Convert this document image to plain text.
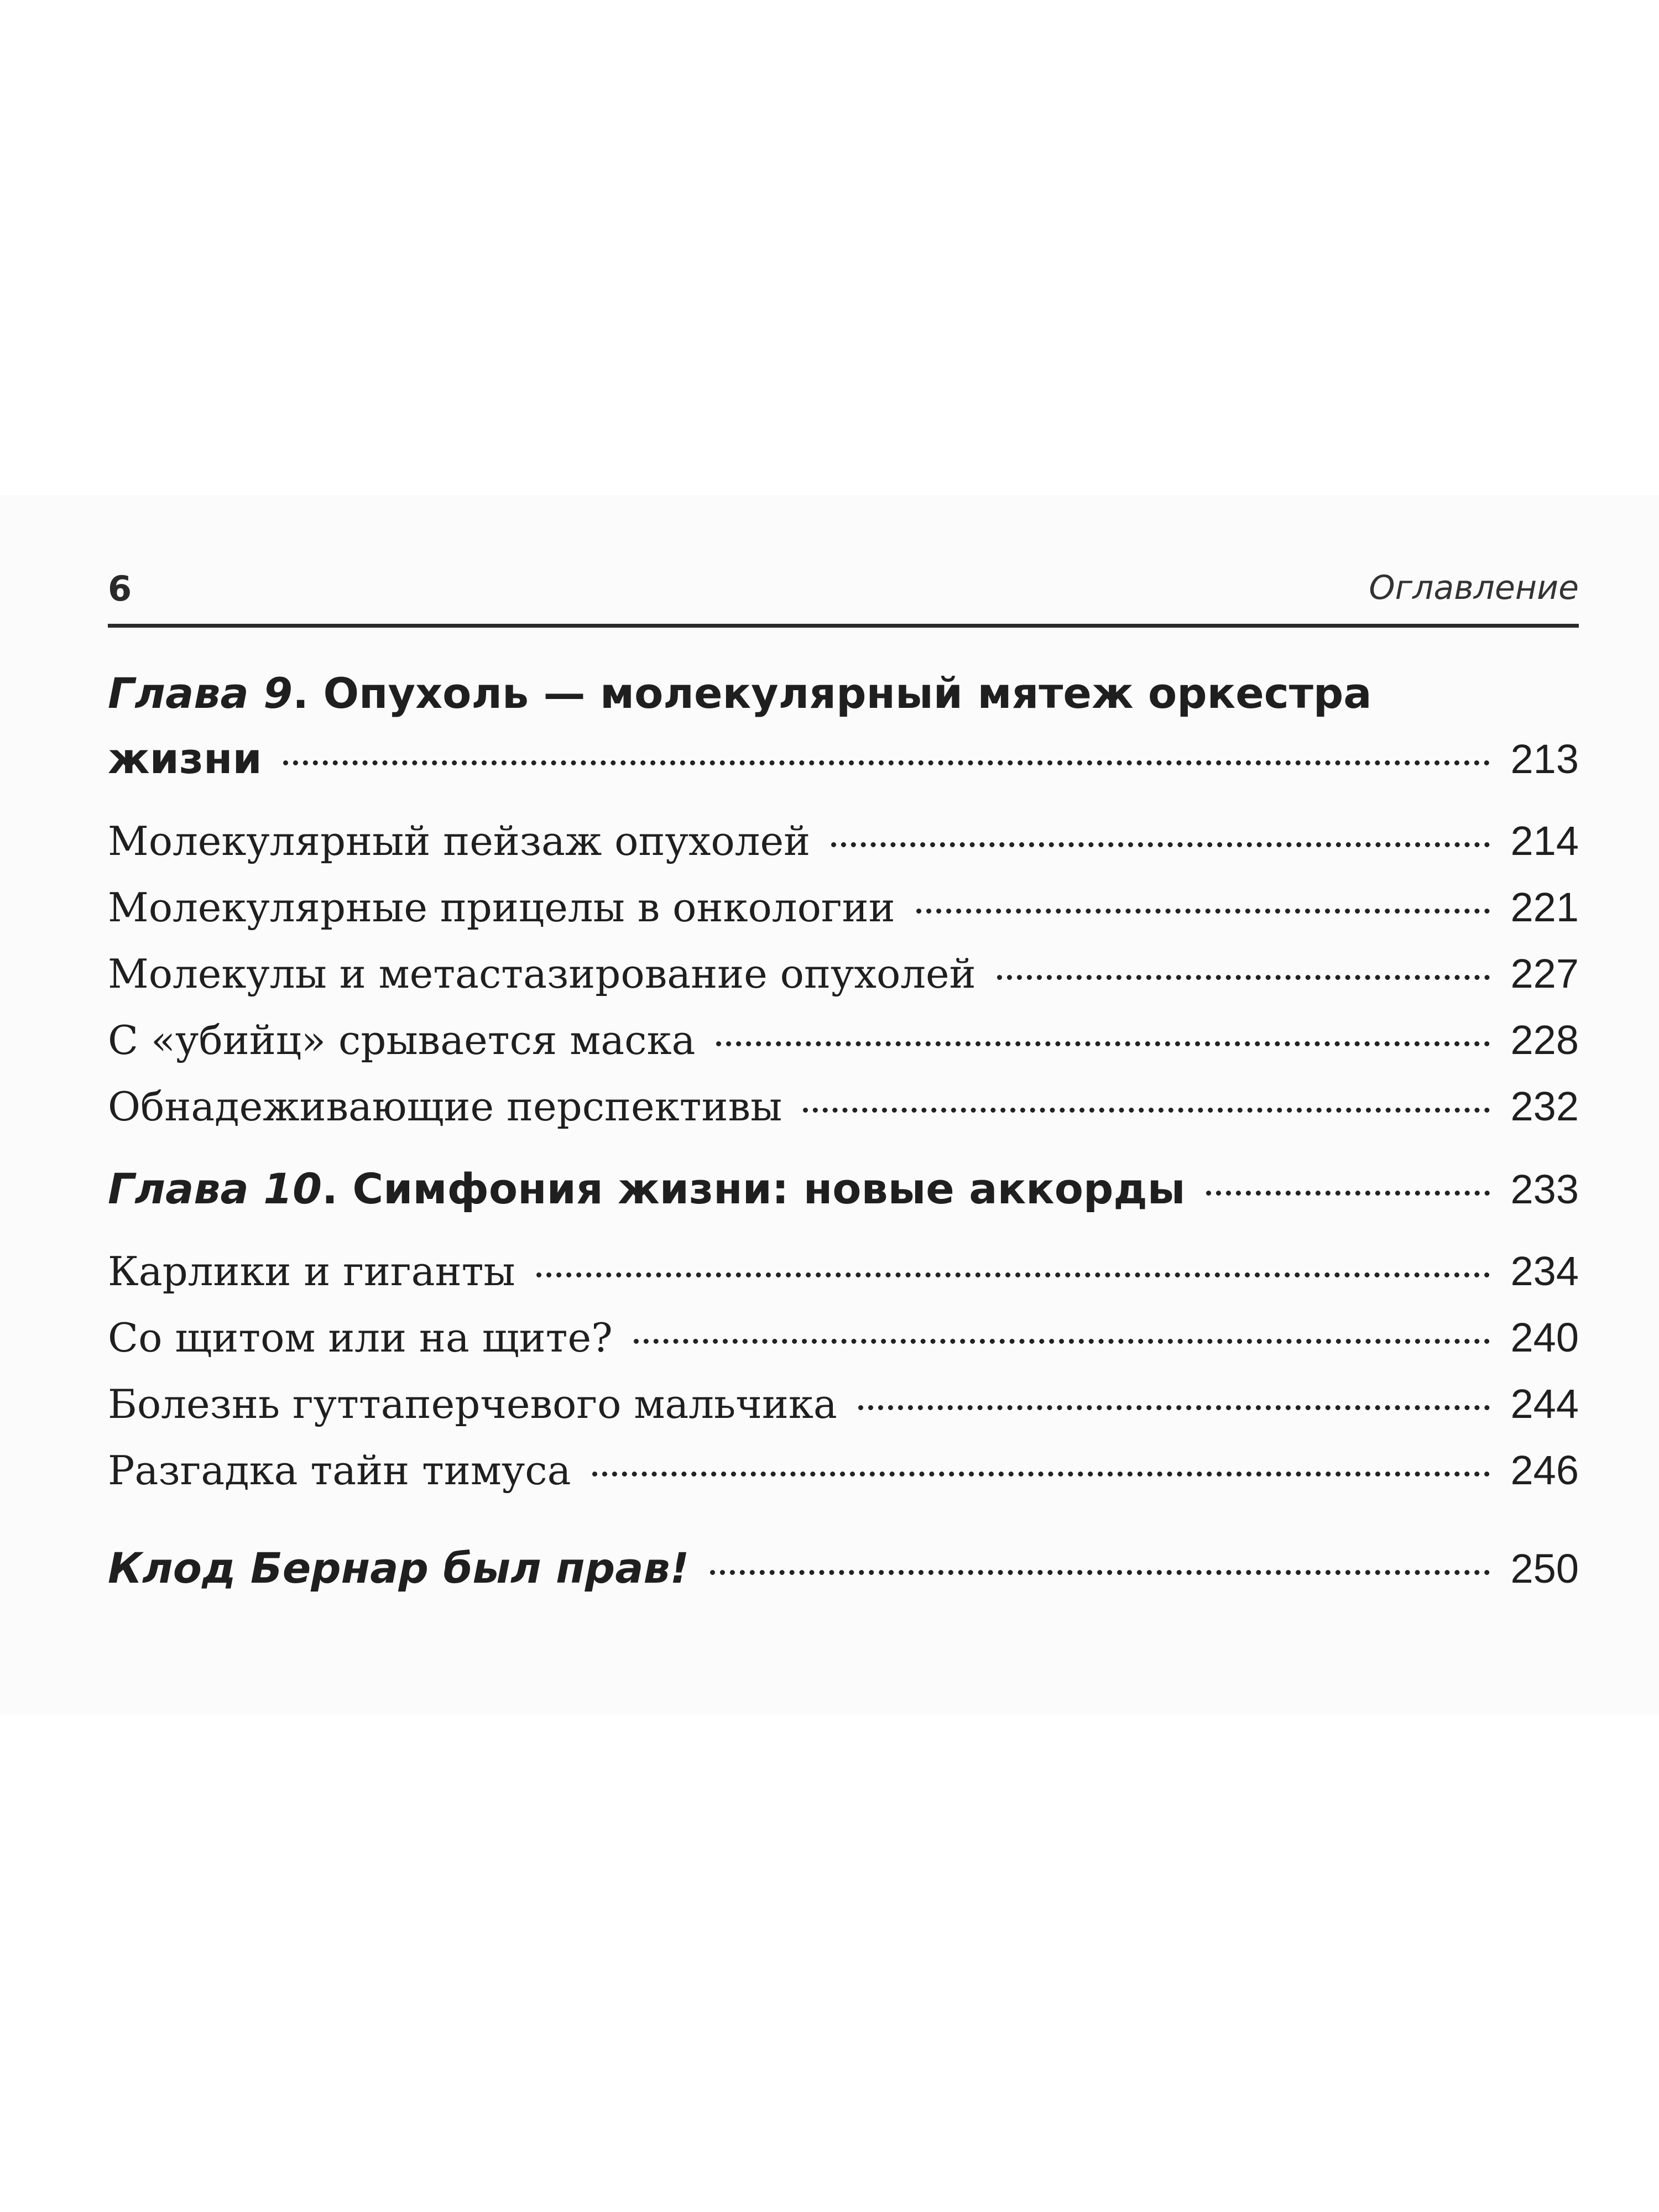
6	Оглавление
Глава 9. Опухоль — молекулярный мятеж оркестра
жизни	213
Молекулярный пейзаж опухолей	214
Молекулярные прицелы в онкологии	221
Молекулы и метастазирование опухолей	227
С «убийц» срывается маска	228
Обнадеживающие перспективы	232
Глава 10. Симфония жизни: новые аккорды	233
Карлики и гиганты	234
Со щитом или на щите?	240
Болезнь гуттаперчевого мальчика	244
Разгадка тайн тимуса	246
Клод Бернар был прав!	250
